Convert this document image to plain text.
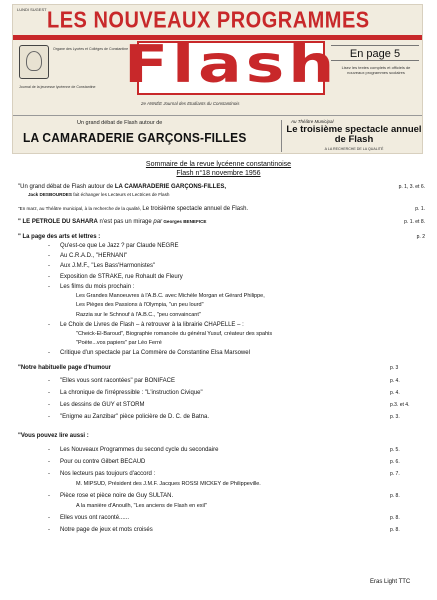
LUNDI SUGEST LES NOUVEAUX PROGRAMMES
Organe des Lycées et Collèges de Constantine
Journal de la jeunesse lycéenne de Constantine Flash
2e ANNÉE Journal des Etudiants du Constantinois
En page 5
Lisez les textes complets et officiels de nouveaux programmes scolaires
Un grand débat de Flash autour de
LA CAMARADERIE GARÇONS-FILLES
Au Théâtre Municipal
Le troisième spectacle annuel de Flash
A LA RECHERCHE DE LA QUALITÉ
Sommaire de la revue lycéenne constantinoise
Flash n°18 novembre 1956
"Un grand débat de Flash autour de LA CAMARADERIE GARÇONS-FILLES,	p. 1, 3. et 6.
Jack DESBOURDES fait échanger les Lecteurs et Lectrices de Flash
"En marz, au Théâtre municipal, à la recherche de la qualité, Le troisième spectacle annuel de Flash.	p. 1.
" LE PETROLE DU SAHARA n'est pas un mirage par Georges BENEFICE	p. 1. et 8.
" La page des arts et lettres :	p. 2
- Qu'est-ce que Le Jazz ? par Claude NEGRE
- Au C.R.A.D., "HERNANI"
- Aux J.M.F., "Les Bass'Harmonistes"
- Exposition de STRAKE, rue Rohault de Fleury
- Les films du mois prochain :
Les Grandes Manoeuvres à l'A.B.C. avec Michèle Morgan et Gérard Philippe,
Les Pièges des Passions à l'Olympia, "un peu lourd"
Razzia sur le Schnouf à l'A.B.C., "peu convaincant"
- Le Choix de Livres de Flash – à retrouver à la librairie CHAPELLE – :
"Cheick-El-Baroud", Biographie romancée du général Yusuf, créateur des spahis
"Poète...vos papiers" par Léo Ferré
- Critique d'un spectacle par La Commère de Constantine Elsa Marsowel
"Notre habituelle page d'humour	p. 3
- "Elles vous sont racontées" par BONIFACE	p. 4.
- La chronique de l'irrépressible : "L'instruction Civique"	p. 4.
- Les dessins de GUY et STORM	p.3. et 4.
- "Enigme au Zanzibar" pièce policière de D. C. de Batna.	p. 3.
"Vous pouvez lire aussi :
- Les Nouveaux Programmes du second cycle du secondaire	p. 5.
- Pour ou contre Gilbert BECAUD	p. 6.
- Nos lecteurs pas toujours d'accord :	p. 7.
M. MIPSUD, Président des J.M.F. Jacques ROSSI MICKEY de Philippeville.
- Pièce rose et pièce noire de Guy SULTAN.	p. 8.
A la manière d'Anouilh, "Les anciens de Flash en exil"
- Elles vous ont raconté......	p. 8.
- Notre page de jeux et mots croisés	p. 8.
Eras Light TTC
